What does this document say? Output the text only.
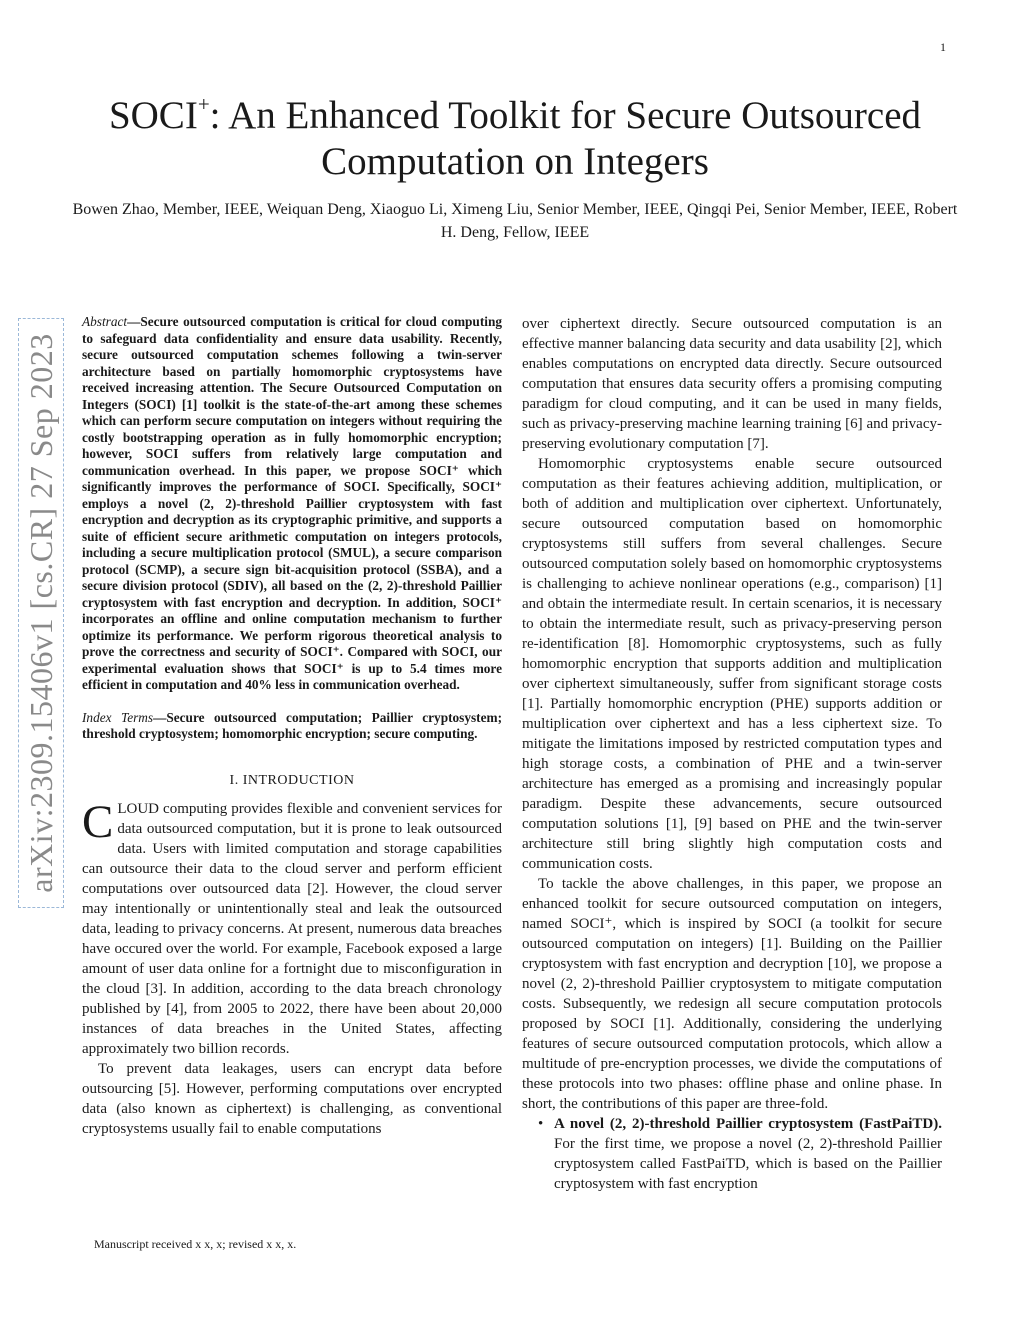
1
arXiv:2309.15406v1 [cs.CR] 27 Sep 2023
SOCI+: An Enhanced Toolkit for Secure Outsourced Computation on Integers
Bowen Zhao, Member, IEEE, Weiquan Deng, Xiaoguo Li, Ximeng Liu, Senior Member, IEEE, Qingqi Pei, Senior Member, IEEE, Robert H. Deng, Fellow, IEEE

Abstract—Secure outsourced computation is critical for cloud computing to safeguard data confidentiality and ensure data usability. Recently, secure outsourced computation schemes following a twin-server architecture based on partially homomorphic cryptosystems have received increasing attention. The Secure Outsourced Computation on Integers (SOCI) [1] toolkit is the state-of-the-art among these schemes which can perform secure computation on integers without requiring the costly bootstrapping operation as in fully homomorphic encryption; however, SOCI suffers from relatively large computation and communication overhead. In this paper, we propose SOCI⁺ which significantly improves the performance of SOCI. Specifically, SOCI⁺ employs a novel (2, 2)-threshold Paillier cryptosystem with fast encryption and decryption as its cryptographic primitive, and supports a suite of efficient secure arithmetic computation on integers protocols, including a secure multiplication protocol (SMUL), a secure comparison protocol (SCMP), a secure sign bit-acquisition protocol (SSBA), and a secure division protocol (SDIV), all based on the (2, 2)-threshold Paillier cryptosystem with fast encryption and decryption. In addition, SOCI⁺ incorporates an offline and online computation mechanism to further optimize its performance. We perform rigorous theoretical analysis to prove the correctness and security of SOCI⁺. Compared with SOCI, our experimental evaluation shows that SOCI⁺ is up to 5.4 times more efficient in computation and 40% less in communication overhead.

Index Terms—Secure outsourced computation; Paillier cryptosystem; threshold cryptosystem; homomorphic encryption; secure computing.

I. INTRODUCTION

CLOUD computing provides flexible and convenient services for data outsourced computation, but it is prone to leak outsourced data. Users with limited computation and storage capabilities can outsource their data to the cloud server and perform efficient computations over outsourced data [2]. However, the cloud server may intentionally or unintentionally steal and leak the outsourced data, leading to privacy concerns. At present, numerous data breaches have occured over the world. For example, Facebook exposed a large amount of user data online for a fortnight due to misconfiguration in the cloud [3]. In addition, according to the data breach chronology published by [4], from 2005 to 2022, there have been about 20,000 instances of data breaches in the United States, affecting approximately two billion records.

To prevent data leakages, users can encrypt data before outsourcing [5]. However, performing computations over encrypted data (also known as ciphertext) is challenging, as conventional cryptosystems usually fail to enable computations

over ciphertext directly. Secure outsourced computation is an effective manner balancing data security and data usability [2], which enables computations on encrypted data directly. Secure outsourced computation that ensures data security offers a promising computing paradigm for cloud computing, and it can be used in many fields, such as privacy-preserving machine learning training [6] and privacy-preserving evolutionary computation [7].

Homomorphic cryptosystems enable secure outsourced computation as their features achieving addition, multiplication, or both of addition and multiplication over ciphertext. Unfortunately, secure outsourced computation based on homomorphic cryptosystems still suffers from several challenges. Secure outsourced computation solely based on homomorphic cryptosystems is challenging to achieve nonlinear operations (e.g., comparison) [1] and obtain the intermediate result. In certain scenarios, it is necessary to obtain the intermediate result, such as privacy-preserving person re-identification [8]. Homomorphic cryptosystems, such as fully homomorphic encryption that supports addition and multiplication over ciphertext simultaneously, suffer from significant storage costs [1]. Partially homomorphic encryption (PHE) supports addition or multiplication over ciphertext and has a less ciphertext size. To mitigate the limitations imposed by restricted computation types and high storage costs, a combination of PHE and a twin-server architecture has emerged as a promising and increasingly popular paradigm. Despite these advancements, secure outsourced computation solutions [1], [9] based on PHE and the twin-server architecture still bring slightly high computation costs and communication costs.

To tackle the above challenges, in this paper, we propose an enhanced toolkit for secure outsourced computation on integers, named SOCI⁺, which is inspired by SOCI (a toolkit for secure outsourced computation on integers) [1]. Building on the Paillier cryptosystem with fast encryption and decryption [10], we propose a novel (2, 2)-threshold Paillier cryptosystem to mitigate computation costs. Subsequently, we redesign all secure computation protocols proposed by SOCI [1]. Additionally, considering the underlying features of secure outsourced computation protocols, which allow a multitude of pre-encryption processes, we divide the computations of these protocols into two phases: offline phase and online phase. In short, the contributions of this paper are three-fold.

• A novel (2, 2)-threshold Paillier cryptosystem (FastPaiTD). For the first time, we propose a novel (2, 2)-threshold Paillier cryptosystem called FastPaiTD, which is based on the Paillier cryptosystem with fast encryption

Manuscript received x x, x; revised x x, x.
